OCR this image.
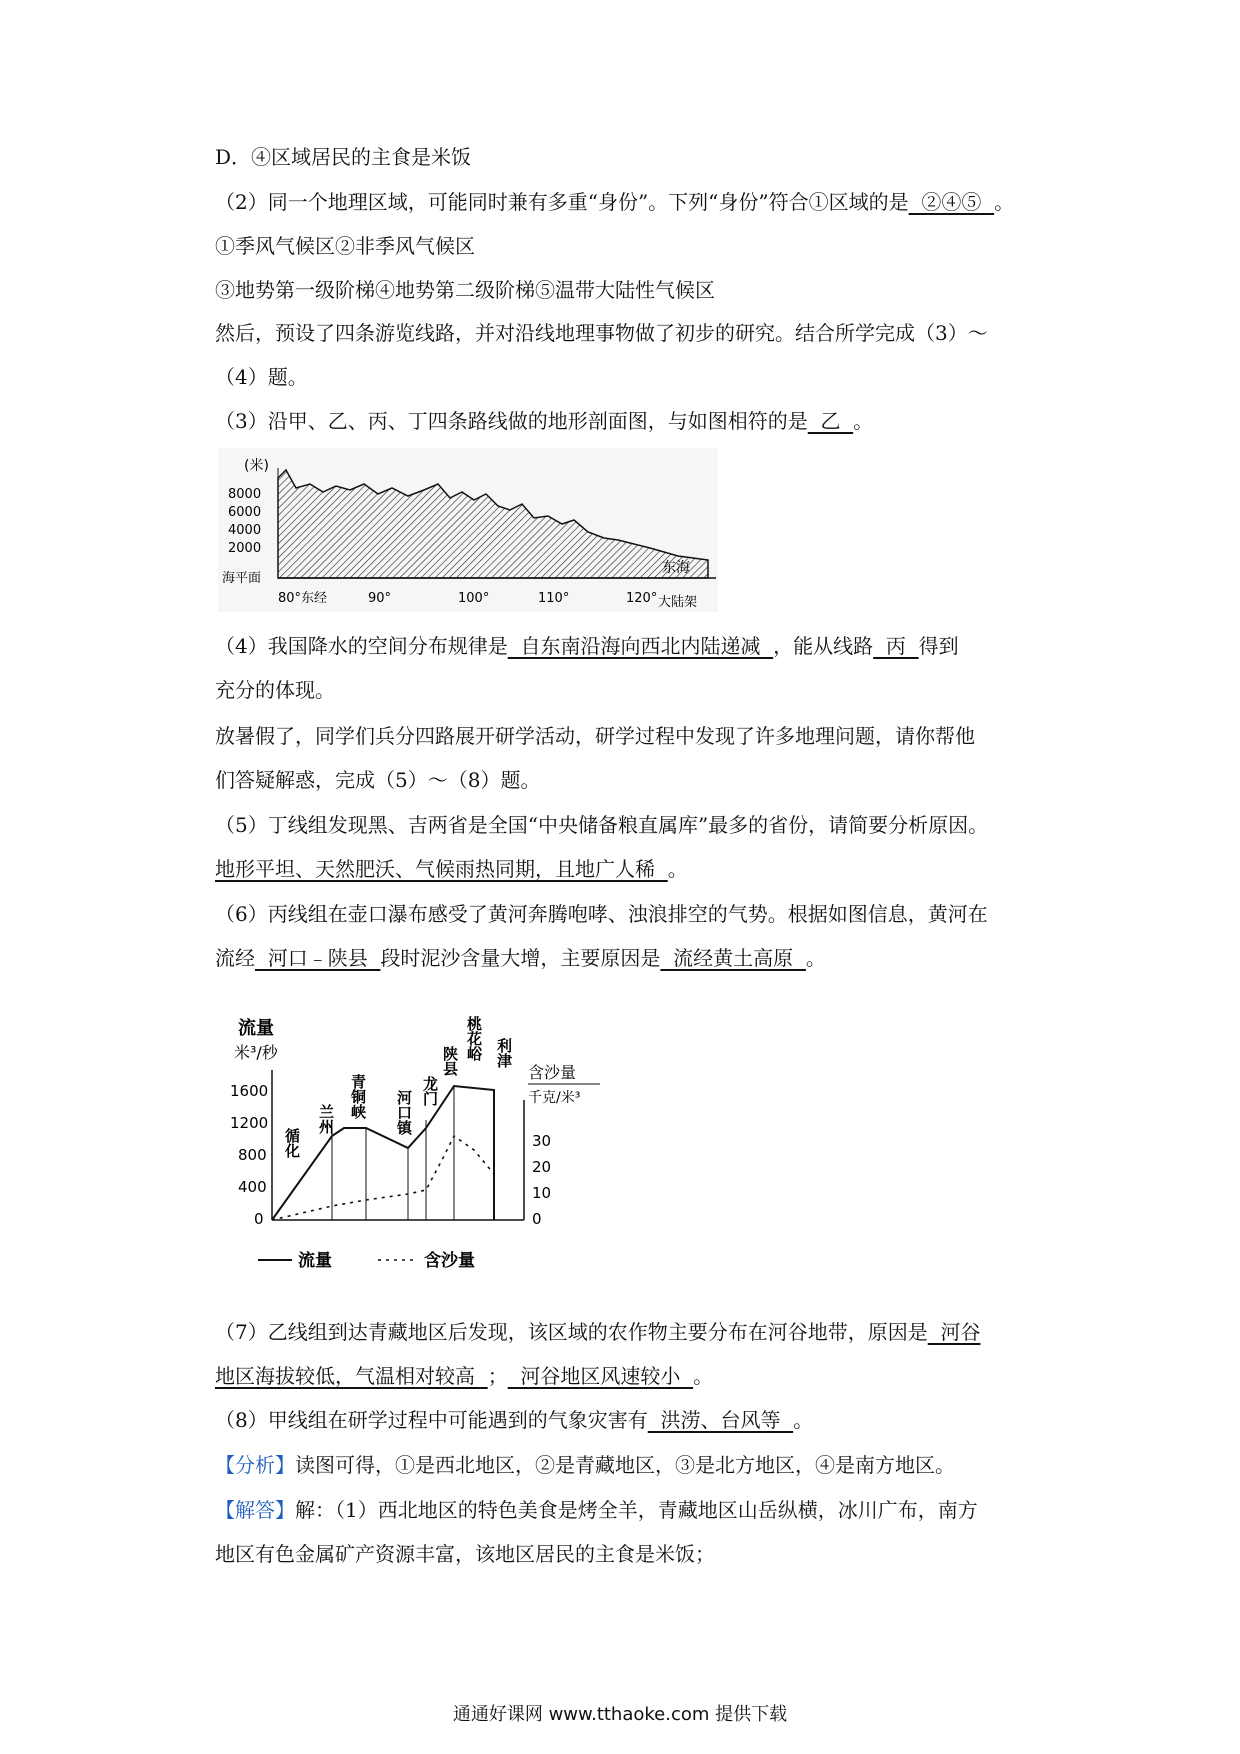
D．④区域居民的主食是米饭
（2）同一个地理区域，可能同时兼有多重“身份”。下列“身份”符合①区域的是  ②④⑤  。
①季风气候区②非季风气候区
③地势第一级阶梯④地势第二级阶梯⑤温带大陆性气候区
然后，预设了四条游览线路，并对沿线地理事物做了初步的研究。结合所学完成（3）～
（4）题。
（3）沿甲、乙、丙、丁四条路线做的地形剖面图，与如图相符的是  乙  。
(米)
8000
6000
4000
2000
海平面
80°东经	90°	100°	110°	120°
东海
大陆架
（4）我国降水的空间分布规律是  自东南沿海向西北内陆递减  ，能从线路  丙  得到
充分的体现。
放暑假了，同学们兵分四路展开研学活动，研学过程中发现了许多地理问题，请你帮他
们答疑解惑，完成（5）～（8）题。
（5）丁线组发现黑、吉两省是全国“中央储备粮直属库”最多的省份，请简要分析原因。
地形平坦、天然肥沃、气候雨热同期，且地广人稀  。
（6）丙线组在壶口瀑布感受了黄河奔腾咆哮、浊浪排空的气势。根据如图信息，黄河在
流经  河口﹣陕县  段时泥沙含量大增，主要原因是  流经黄土高原  。
流量
米³/秒
1600
1200
800
400
0
循化
兰州 青铜峡 河口镇 龙门
陕县 桃花峪 利津
含沙量
千克/米³
30
20
10
0
流量	含沙量
（7）乙线组到达青藏地区后发现，该区域的农作物主要分布在河谷地带，原因是  河谷
地区海拔较低，气温相对较高  ；  河谷地区风速较小  。
（8）甲线组在研学过程中可能遇到的气象灾害有  洪涝、台风等  。
【分析】读图可得，①是西北地区，②是青藏地区，③是北方地区，④是南方地区。
【解答】解：（1）西北地区的特色美食是烤全羊，青藏地区山岳纵横，冰川广布，南方
地区有色金属矿产资源丰富，该地区居民的主食是米饭；
通通好课网 www.tthaoke.com 提供下载
